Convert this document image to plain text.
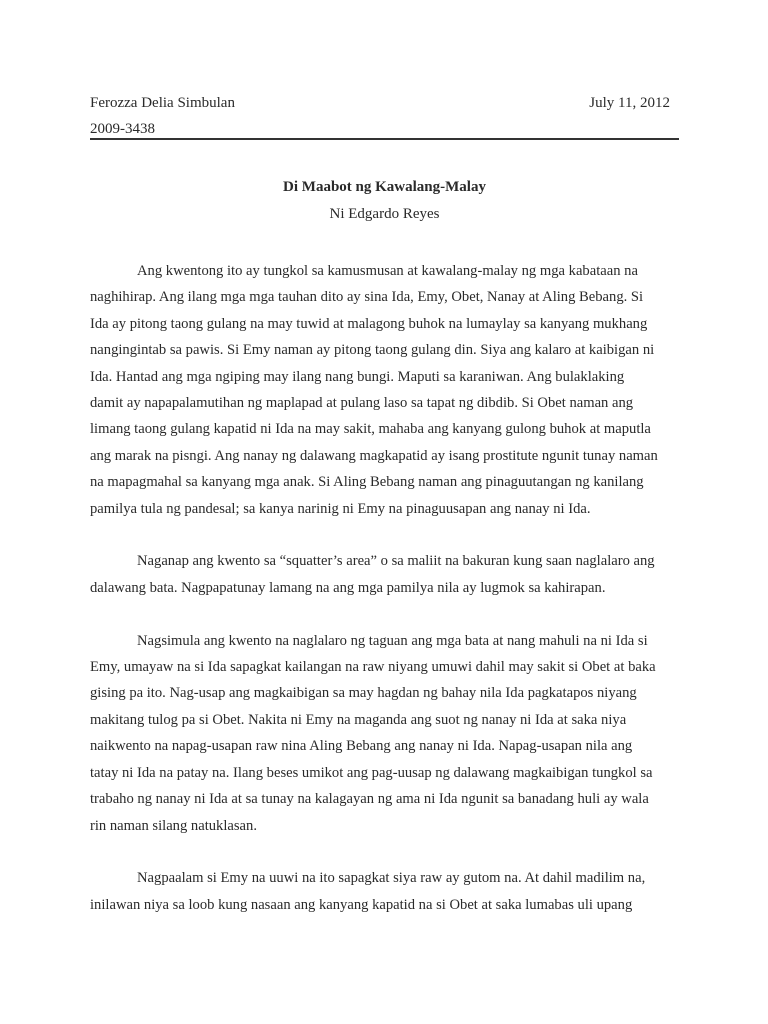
Ferozza Delia Simbulan
2009-3438
July 11, 2012
Di Maabot ng Kawalang-Malay
Ni Edgardo Reyes

Ang kwentong ito ay tungkol sa kamusmusan at kawalang-malay ng mga kabataan na
naghihirap. Ang ilang mga mga tauhan dito ay sina Ida, Emy, Obet, Nanay at Aling Bebang. Si
Ida ay pitong taong gulang na may tuwid at malagong buhok na lumaylay sa kanyang mukhang
nangingintab sa pawis. Si Emy naman ay pitong taong gulang din. Siya ang kalaro at kaibigan ni
Ida. Hantad ang mga ngiping may ilang nang bungi. Maputi sa karaniwan. Ang bulaklaking
damit ay napapalamutihan ng maplapad at pulang laso sa tapat ng dibdib. Si Obet naman ang
limang taong gulang kapatid ni Ida na may sakit, mahaba ang kanyang gulong buhok at maputla
ang marak na pisngi. Ang nanay ng dalawang magkapatid ay isang prostitute ngunit tunay naman
na mapagmahal sa kanyang mga anak. Si Aling Bebang naman ang pinaguutangan ng kanilang
pamilya tula ng pandesal; sa kanya narinig ni Emy na pinaguusapan ang nanay ni Ida.

Naganap ang kwento sa “squatter’s area” o sa maliit na bakuran kung saan naglalaro ang
dalawang bata. Nagpapatunay lamang na ang mga pamilya nila ay lugmok sa kahirapan.

Nagsimula ang kwento na naglalaro ng taguan ang mga bata at nang mahuli na ni Ida si
Emy, umayaw na si Ida sapagkat kailangan na raw niyang umuwi dahil may sakit si Obet at baka
gising pa ito. Nag-usap ang magkaibigan sa may hagdan ng bahay nila Ida pagkatapos niyang
makitang tulog pa si Obet. Nakita ni Emy na maganda ang suot ng nanay ni Ida at saka niya
naikwento na napag-usapan raw nina Aling Bebang ang nanay ni Ida. Napag-usapan nila ang
tatay ni Ida na patay na. Ilang beses umikot ang pag-uusap ng dalawang magkaibigan tungkol sa
trabaho ng nanay ni Ida at sa tunay na kalagayan ng ama ni Ida ngunit sa banadang huli ay wala
rin naman silang natuklasan.

Nagpaalam si Emy na uuwi na ito sapagkat siya raw ay gutom na. At dahil madilim na,
inilawan niya sa loob kung nasaan ang kanyang kapatid na si Obet at saka lumabas uli upang
